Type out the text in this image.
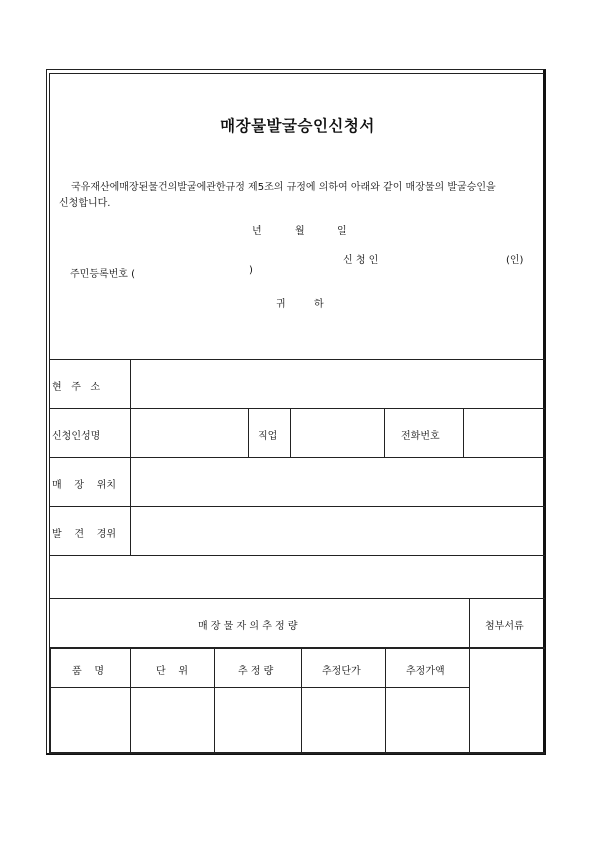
매장물발굴승인신청서
국유재산에매장된물건의발굴에관한규정 제5조의 규정에 의하여 아래와 같이 매장물의 발굴승인을 신청합니다.
년	월	일
신 청 인	(인)
주민등록번호 (	)
귀	하
현   주   소
신청인성명	직업	전화번호
매    장    위치
발    견    경위
매 장 물 자 의 추 정 량	첨부서류
품    명	단    위	추 정 량	추정단가	추정가액
